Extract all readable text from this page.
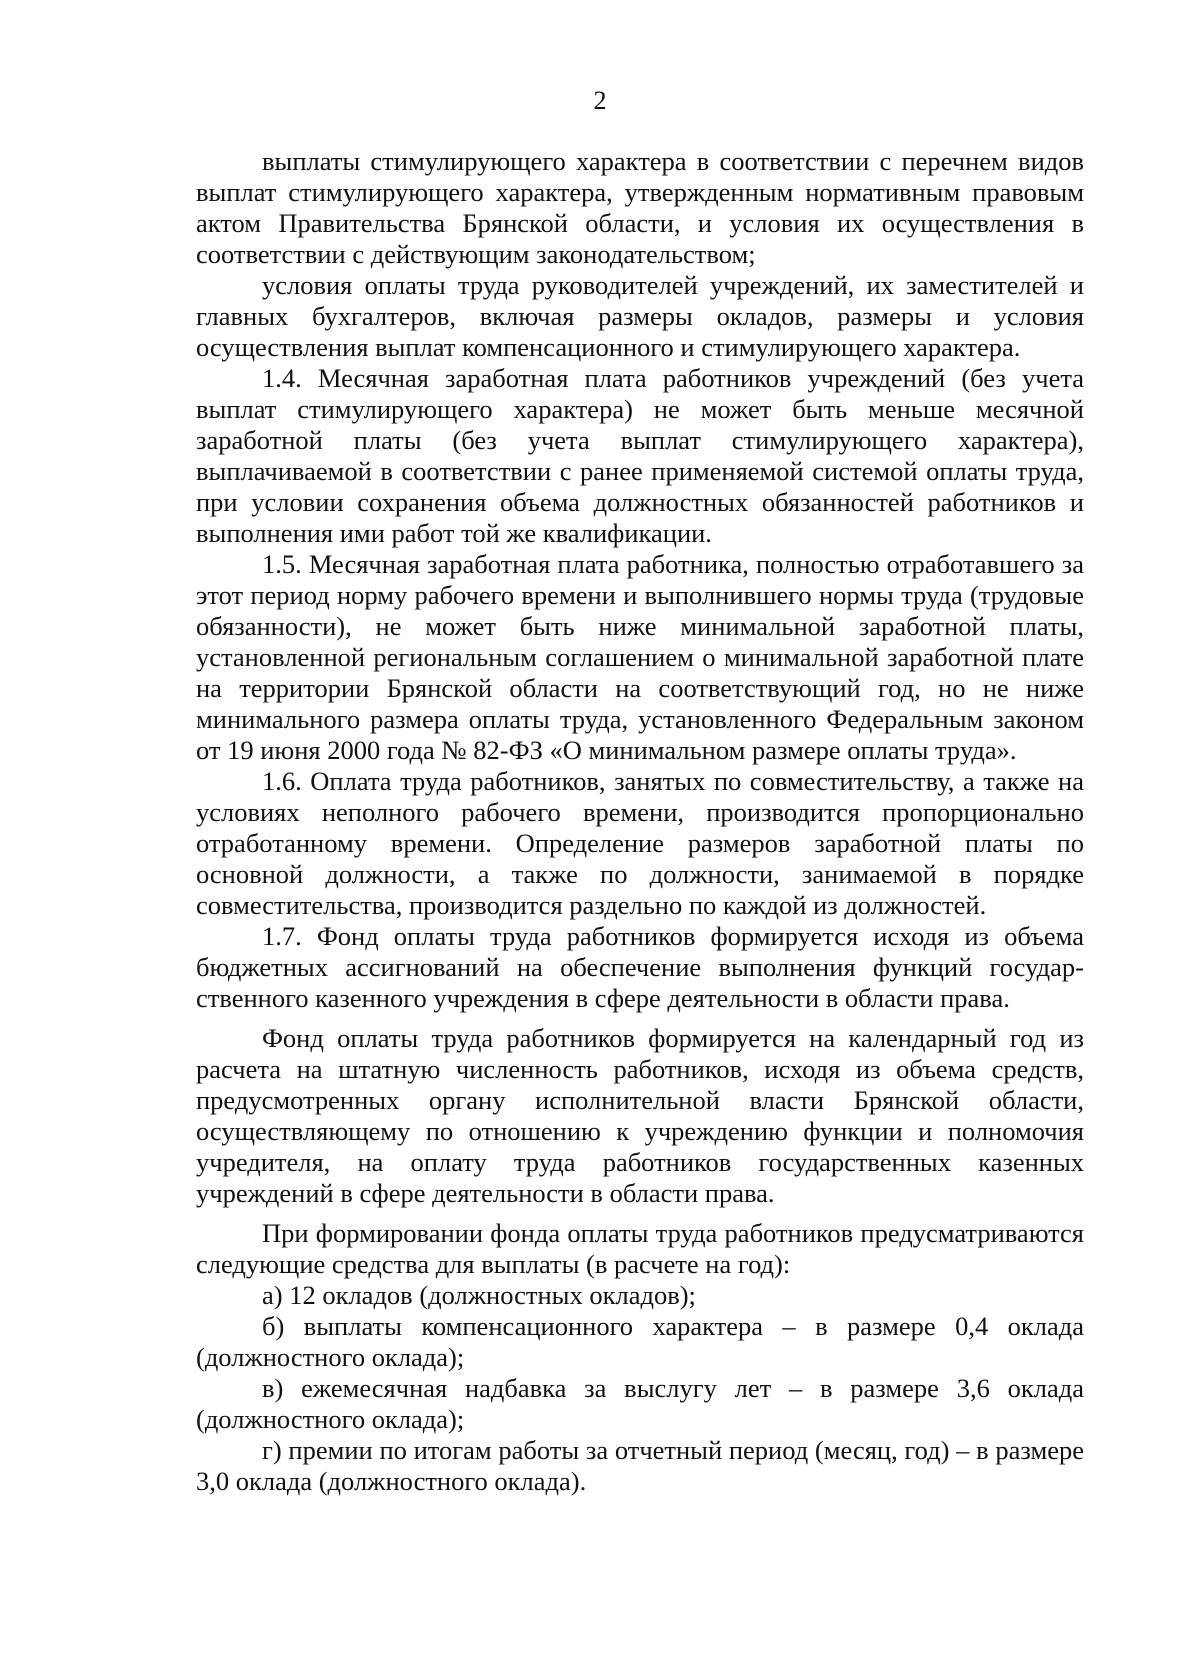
2

выплаты стимулирующего характера в соответствии с перечнем видов выплат стимулирующего характера, утвержденным нормативным правовым актом Правительства Брянской области, и условия их осуществления в соответствии с действующим законодательством;

условия оплаты труда руководителей учреждений, их заместителей и главных бухгалтеров, включая размеры окладов, размеры и условия осуществления выплат компенсационного и стимулирующего характера.

1.4. Месячная заработная плата работников учреждений (без учета выплат стимулирующего характера) не может быть меньше месячной заработной платы (без учета выплат стимулирующего характера), выплачиваемой в соответствии с ранее применяемой системой оплаты труда, при условии сохранения объема должностных обязанностей работников и выполнения ими работ той же квалификации.

1.5. Месячная заработная плата работника, полностью отработавшего за этот период норму рабочего времени и выполнившего нормы труда (трудовые обязанности), не может быть ниже минимальной заработной платы, установленной региональным соглашением о минимальной заработной плате на территории Брянской области на соответствующий год, но не ниже минимального размера оплаты труда, установленного Федеральным законом от 19 июня 2000 года № 82-ФЗ «О минимальном размере оплаты труда».

1.6. Оплата труда работников, занятых по совместительству, а также на условиях неполного рабочего времени, производится пропорционально отработанному времени. Определение размеров заработной платы по основной должности, а также по должности, занимаемой в порядке совместительства, производится раздельно по каждой из должностей.

1.7. Фонд оплаты труда работников формируется исходя из объема бюджетных ассигнований на обеспечение выполнения функций государственного казенного учреждения в сфере деятельности в области права.

Фонд оплаты труда работников формируется на календарный год из расчета на штатную численность работников, исходя из объема средств, предусмотренных органу исполнительной власти Брянской области, осуществляющему по отношению к учреждению функции и полномочия учредителя, на оплату труда работников государственных казенных учреждений в сфере деятельности в области права.

При формировании фонда оплаты труда работников предусматриваются следующие средства для выплаты (в расчете на год):

а) 12 окладов (должностных окладов);

б) выплаты компенсационного характера – в размере 0,4 оклада (должностного оклада);

в) ежемесячная надбавка за выслугу лет – в размере 3,6 оклада (должностного оклада);

г) премии по итогам работы за отчетный период (месяц, год) – в размере 3,0 оклада (должностного оклада).
